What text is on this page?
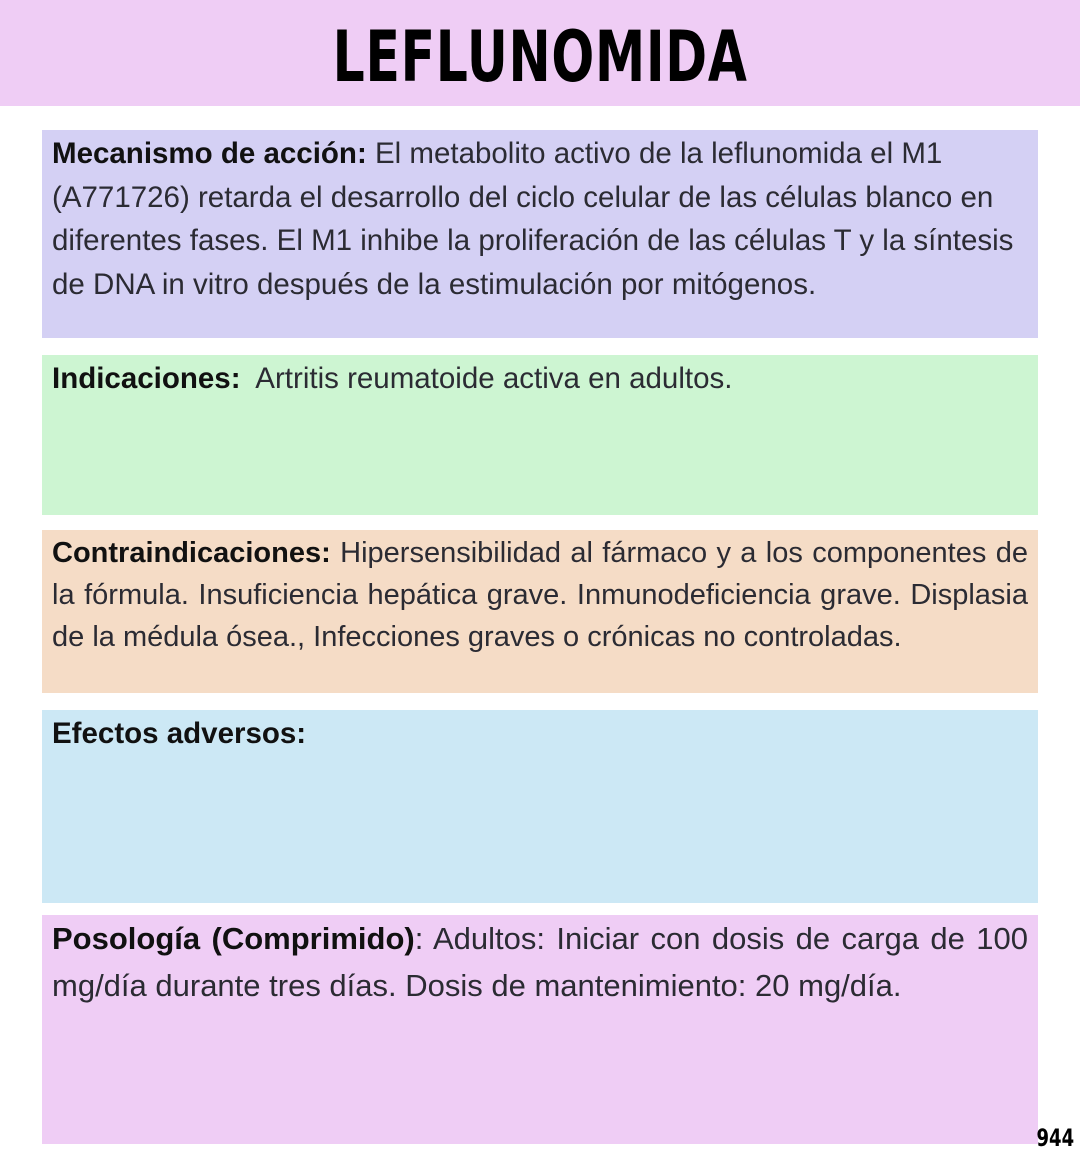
LEFLUNOMIDA
Mecanismo de acción: El metabolito activo de la leflunomida el M1 (A771726) retarda el desarrollo del ciclo celular de las células blanco en diferentes fases. El M1 inhibe la proliferación de las células T y la síntesis de DNA in vitro después de la estimulación por mitógenos.
Indicaciones:  Artritis reumatoide activa en adultos.
Contraindicaciones: Hipersensibilidad al fármaco y a los componentes de la fórmula. Insuficiencia hepática grave. Inmunodeficiencia grave. Displasia de la médula ósea., Infecciones graves o crónicas no controladas.
Efectos adversos:
Posología (Comprimido): Adultos: Iniciar con dosis de carga de 100 mg/día durante tres días. Dosis de mantenimiento: 20 mg/día.
944
